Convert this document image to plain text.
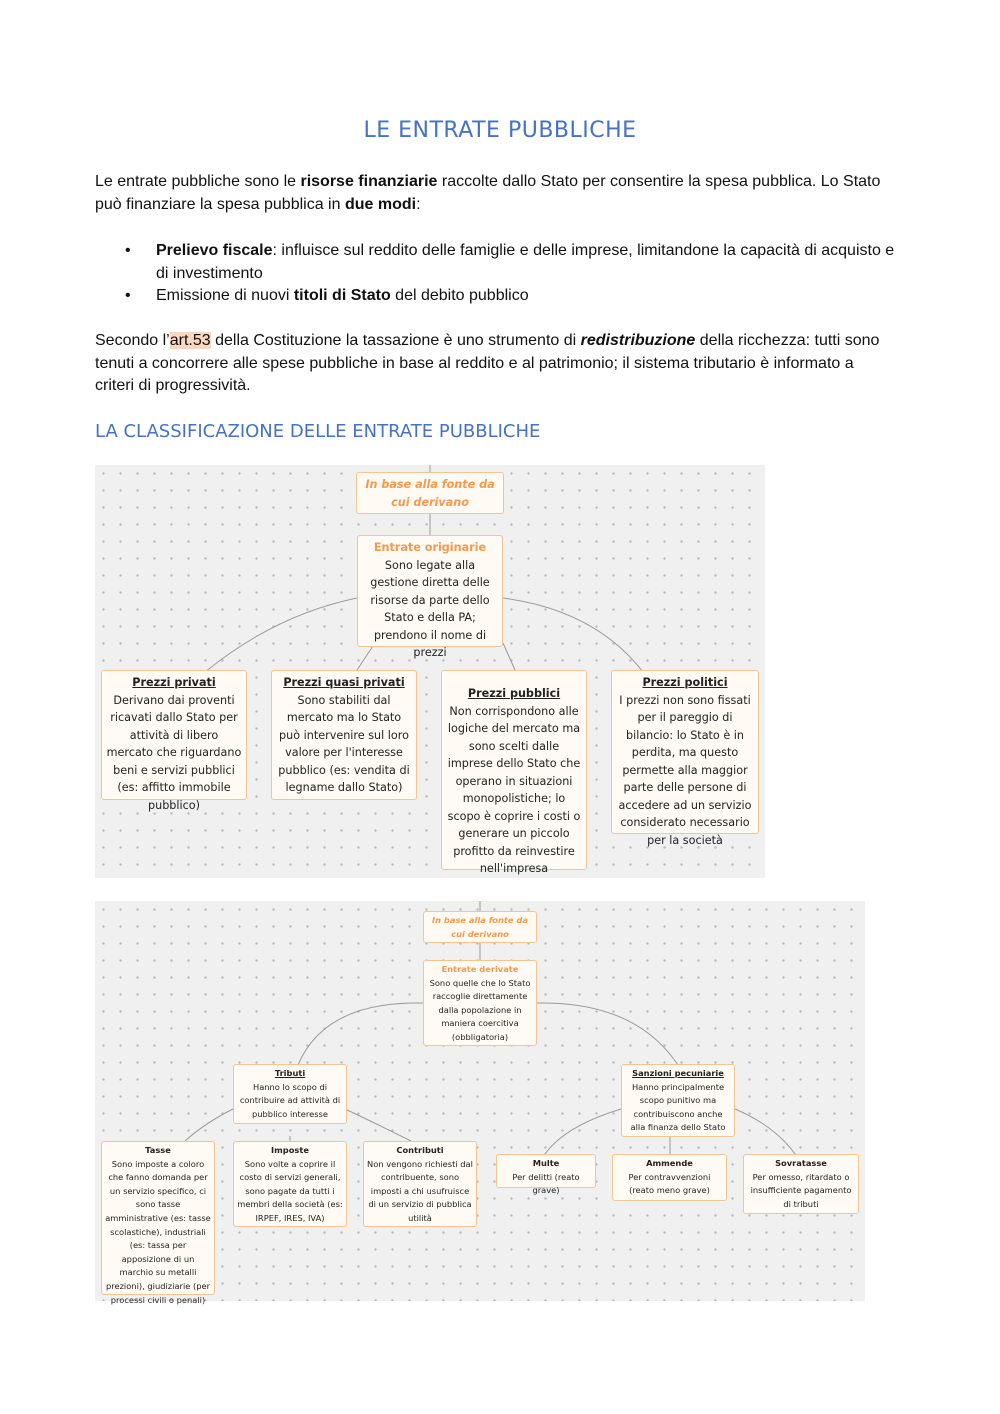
LE ENTRATE PUBBLICHE
Le entrate pubbliche sono le risorse finanziarie raccolte dallo Stato per consentire la spesa pubblica. Lo Stato può finanziare la spesa pubblica in due modi:
• Prelievo fiscale: influisce sul reddito delle famiglie e delle imprese, limitandone la capacità di acquisto e di investimento
• Emissione di nuovi titoli di Stato del debito pubblico
Secondo l’art.53 della Costituzione la tassazione è uno strumento di redistribuzione della ricchezza: tutti sono tenuti a concorrere alle spese pubbliche in base al reddito e al patrimonio; il sistema tributario è informato a criteri di progressività.
LA CLASSIFICAZIONE DELLE ENTRATE PUBBLICHE
In base alla fonte da cui derivano
Entrate originarie
Sono legate alla gestione diretta delle risorse da parte dello Stato e della PA; prendono il nome di prezzi
Prezzi privati
Derivano dai proventi ricavati dallo Stato per attività di libero mercato che riguardano beni e servizi pubblici (es: affitto immobile pubblico)
Prezzi quasi privati
Sono stabiliti dal mercato ma lo Stato può intervenire sul loro valore per l'interesse pubblico (es: vendita di legname dallo Stato)
Prezzi pubblici
Non corrispondono alle logiche del mercato ma sono scelti dalle imprese dello Stato che operano in situazioni monopolistiche; lo scopo è coprire i costi o generare un piccolo profitto da reinvestire nell'impresa
Prezzi politici
I prezzi non sono fissati per il pareggio di bilancio: lo Stato è in perdita, ma questo permette alla maggior parte delle persone di accedere ad un servizio considerato necessario per la società
In base alla fonte da cui derivano
Entrate derivate
Sono quelle che lo Stato raccoglie direttamente dalla popolazione in maniera coercitiva (obbligatoria)
Tributi
Hanno lo scopo di contribuire ad attività di pubblico interesse
Sanzioni pecuniarie
Hanno principalmente scopo punitivo ma contribuiscono anche alla finanza dello Stato
Tasse
Sono imposte a coloro che fanno domanda per un servizio specifico, ci sono tasse amministrative (es: tasse scolastiche), industriali (es: tassa per apposizione di un marchio su metalli prezioni), giudiziarie (per processi civili o penali)
Imposte
Sono volte a coprire il costo di servizi generali, sono pagate da tutti i membri della società (es: IRPEF, IRES, IVA)
Contributi
Non vengono richiesti dal contribuente, sono imposti a chi usufruisce di un servizio di pubblica utilità
Multe
Per delitti (reato grave)
Ammende
Per contravvenzioni (reato meno grave)
Sovratasse
Per omesso, ritardato o insufficiente pagamento di tributi
